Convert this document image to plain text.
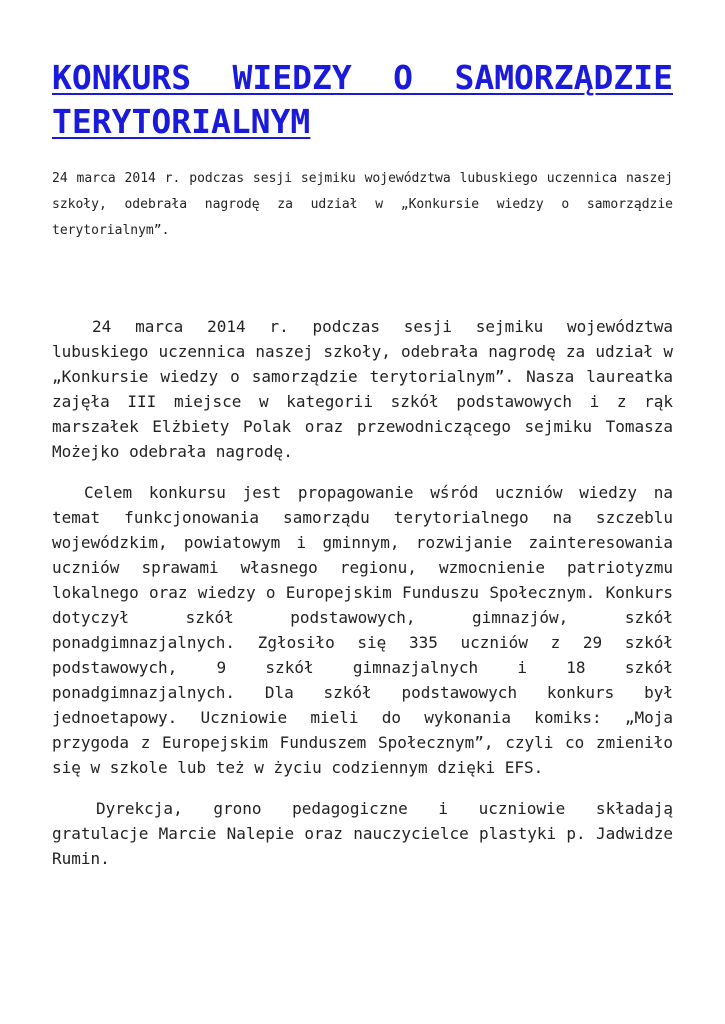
KONKURS WIEDZY O SAMORZĄDZIE TERYTORIALNYM

24 marca 2014 r. podczas sesji sejmiku województwa lubuskiego uczennica naszej szkoły, odebrała nagrodę za udział w „Konkursie wiedzy o samorządzie terytorialnym”.

24 marca 2014 r. podczas sesji sejmiku województwa lubuskiego uczennica naszej szkoły, odebrała nagrodę za udział w „Konkursie wiedzy o samorządzie terytorialnym”. Nasza laureatka zajęła III miejsce w kategorii szkół podstawowych i z rąk marszałek Elżbiety Polak oraz przewodniczącego sejmiku Tomasza Możejko odebrała nagrodę.

Celem konkursu jest propagowanie wśród uczniów wiedzy na temat funkcjonowania samorządu terytorialnego na szczeblu wojewódzkim, powiatowym i gminnym, rozwijanie zainteresowania uczniów sprawami własnego regionu, wzmocnienie patriotyzmu lokalnego oraz wiedzy o Europejskim Funduszu Społecznym. Konkurs dotyczył szkół podstawowych, gimnazjów, szkół ponadgimnazjalnych. Zgłosiło się 335 uczniów z 29 szkół podstawowych, 9 szkół gimnazjalnych i 18 szkół ponadgimnazjalnych. Dla szkół podstawowych konkurs był jednoetapowy. Uczniowie mieli do wykonania komiks: „Moja przygoda z Europejskim Funduszem Społecznym”, czyli co zmieniło się w szkole lub też w życiu codziennym dzięki EFS.

Dyrekcja, grono pedagogiczne i uczniowie składają gratulacje Marcie Nalepie oraz nauczycielce plastyki p. Jadwidze Rumin.
